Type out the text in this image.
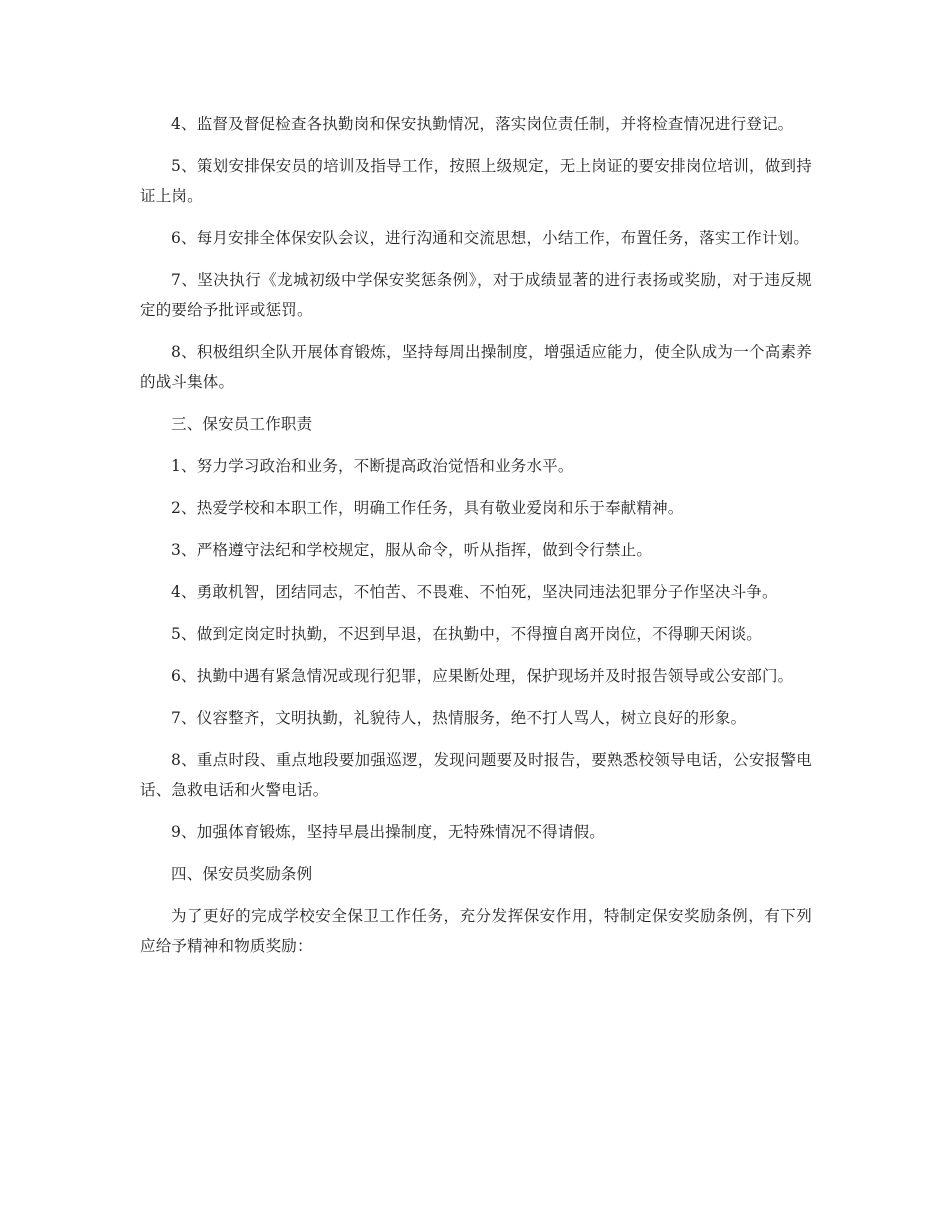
4、监督及督促检查各执勤岗和保安执勤情况，落实岗位责任制，并将检查情况进行登记。

5、策划安排保安员的培训及指导工作，按照上级规定，无上岗证的要安排岗位培训，做到持证上岗。

6、每月安排全体保安队会议，进行沟通和交流思想，小结工作，布置任务，落实工作计划。

7、坚决执行《龙城初级中学保安奖惩条例》，对于成绩显著的进行表扬或奖励，对于违反规定的要给予批评或惩罚。

8、积极组织全队开展体育锻炼，坚持每周出操制度，增强适应能力，使全队成为一个高素养的战斗集体。

三、保安员工作职责

1、努力学习政治和业务，不断提高政治觉悟和业务水平。

2、热爱学校和本职工作，明确工作任务，具有敬业爱岗和乐于奉献精神。

3、严格遵守法纪和学校规定，服从命令，听从指挥，做到令行禁止。

4、勇敢机智，团结同志，不怕苦、不畏难、不怕死，坚决同违法犯罪分子作坚决斗争。

5、做到定岗定时执勤，不迟到早退，在执勤中，不得擅自离开岗位，不得聊天闲谈。

6、执勤中遇有紧急情况或现行犯罪，应果断处理，保护现场并及时报告领导或公安部门。

7、仪容整齐，文明执勤，礼貌待人，热情服务，绝不打人骂人，树立良好的形象。

8、重点时段、重点地段要加强巡逻，发现问题要及时报告，要熟悉校领导电话，公安报警电话、急救电话和火警电话。

9、加强体育锻炼，坚持早晨出操制度，无特殊情况不得请假。

四、保安员奖励条例

为了更好的完成学校安全保卫工作任务，充分发挥保安作用，特制定保安奖励条例，有下列应给予精神和物质奖励：
